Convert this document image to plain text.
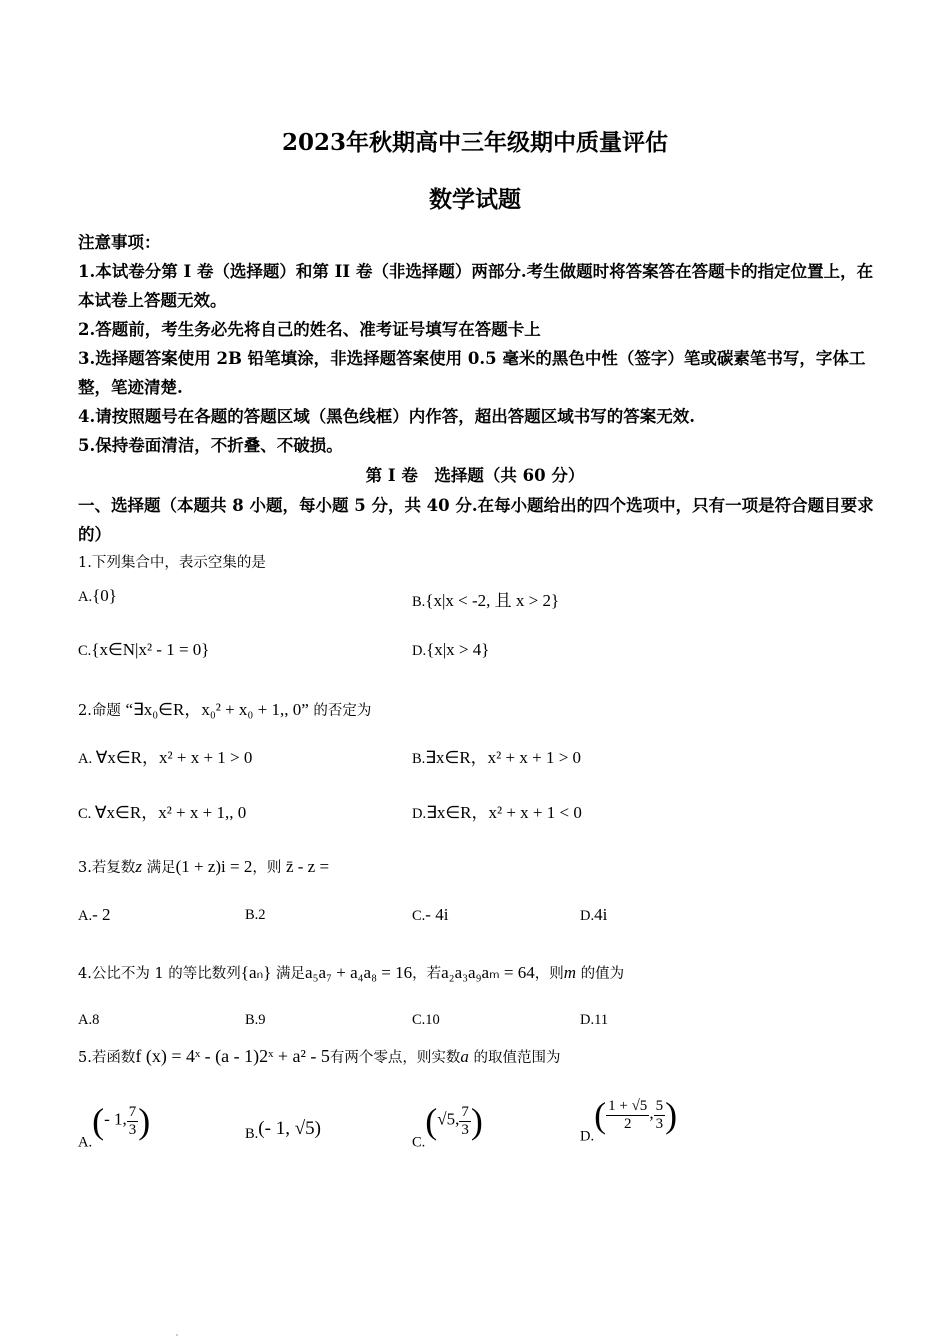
2023年秋期高中三年级期中质量评估
数学试题
注意事项：
1.本试卷分第 I 卷（选择题）和第 II 卷（非选择题）两部分.考生做题时将答案答在答题卡的指定位置上，在本试卷上答题无效。
2.答题前，考生务必先将自己的姓名、准考证号填写在答题卡上
3.选择题答案使用 2B 铅笔填涂，非选择题答案使用 0.5 毫米的黑色中性（签字）笔或碳素笔书写，字体工整，笔迹清楚.
4.请按照题号在各题的答题区域（黑色线框）内作答，超出答题区域书写的答案无效.
5.保持卷面清洁，不折叠、不破损。
第 I 卷　选择题（共 60 分）
一、选择题（本题共 8 小题，每小题 5 分，共 40 分.在每小题给出的四个选项中，只有一项是符合题目要求的）
1.下列集合中，表示空集的是
A.{0}	B.{x|x < -2, 且 x > 2}
C.{x∈N|x² - 1 = 0}	D.{x|x > 4}
2.命题 “∃x₀∈R，x₀² + x₀ + 1,, 0” 的否定为
A. ∀x∈R，x² + x + 1 > 0	B.∃x∈R，x² + x + 1 > 0
C. ∀x∈R，x² + x + 1,, 0	D.∃x∈R，x² + x + 1 < 0
3.若复数z 满足(1 + z)i = 2，则 z̄ - z =
A.- 2	B.2	C.- 4i	D.4i
4.公比不为 1 的等比数列{aₙ} 满足a₅a₇ + a₄a₈ = 16，若a₂a₃a₉aₘ = 64，则m 的值为
A.8	B.9	C.10	D.11
5.若函数f (x) = 4ˣ - (a - 1)2ˣ + a² - 5有两个零点，则实数a 的取值范围为
A.(- 1, $\frac{7}{3}$ )	B.(- 1, √5)
C.(√5, $\frac{7}{3}$ )	$D.( \frac{1 + √5}{2}$ , $\frac{5}{3}$ )
